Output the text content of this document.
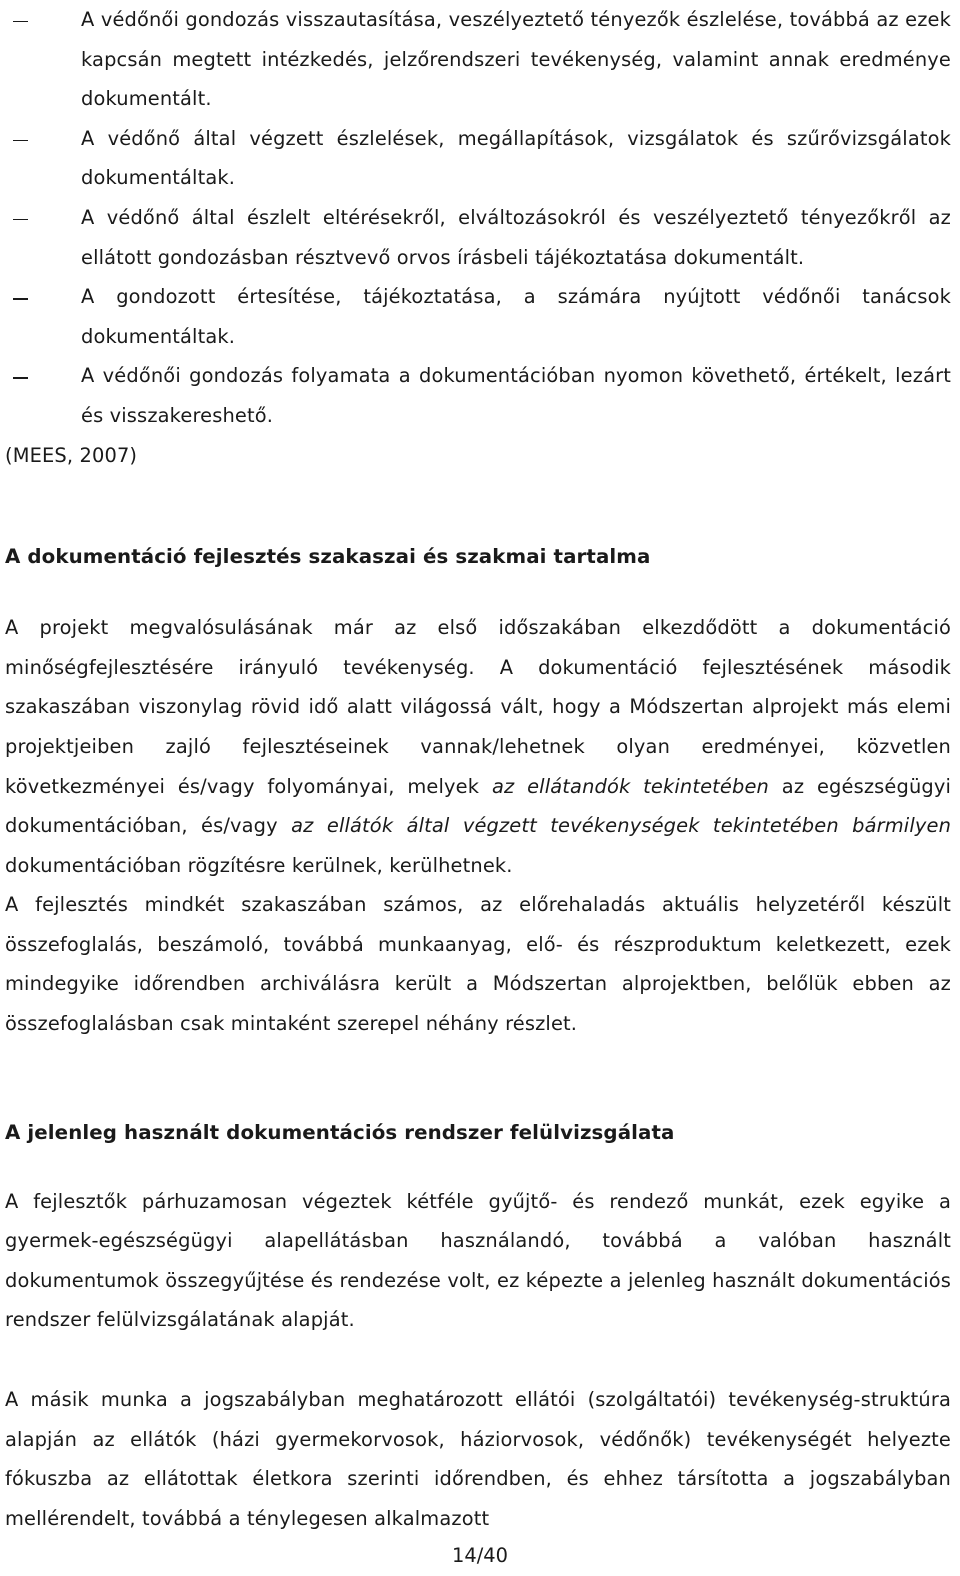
A védőnői gondozás visszautasítása, veszélyeztető tényezők észlelése, továbbá az ezek kapcsán megtett intézkedés, jelzőrendszeri tevékenység, valamint annak eredménye dokumentált.
A védőnő által végzett észlelések, megállapítások, vizsgálatok és szűrővizsgálatok dokumentáltak.
A védőnő által észlelt eltérésekről, elváltozásokról és veszélyeztető tényezőkről az ellátott gondozásban résztvevő orvos írásbeli tájékoztatása dokumentált.
A gondozott értesítése, tájékoztatása, a számára nyújtott védőnői tanácsok dokumentáltak.
A védőnői gondozás folyamata a dokumentációban nyomon követhető, értékelt, lezárt és visszakereshető.

(MEES, 2007)

A dokumentáció fejlesztés szakaszai és szakmai tartalma

A projekt megvalósulásának már az első időszakában elkezdődött a dokumentáció minőségfejlesztésére irányuló tevékenység. A dokumentáció fejlesztésének második szakaszában viszonylag rövid idő alatt világossá vált, hogy a Módszertan alprojekt más elemi projektjeiben zajló fejlesztéseinek vannak/lehetnek olyan eredményei, közvetlen következményei és/vagy folyományai, melyek az ellátandók tekintetében az egészségügyi dokumentációban, és/vagy az ellátók által végzett tevékenységek tekintetében bármilyen dokumentációban rögzítésre kerülnek, kerülhetnek.

A fejlesztés mindkét szakaszában számos, az előrehaladás aktuális helyzetéről készült összefoglalás, beszámoló, továbbá munkaanyag, elő- és részproduktum keletkezett, ezek mindegyike időrendben archiválásra került a Módszertan alprojektben, belőlük ebben az összefoglalásban csak mintaként szerepel néhány részlet.

A jelenleg használt dokumentációs rendszer felülvizsgálata

A fejlesztők párhuzamosan végeztek kétféle gyűjtő- és rendező munkát, ezek egyike a gyermek-egészségügyi alapellátásban használandó, továbbá a valóban használt dokumentumok összegyűjtése és rendezése volt, ez képezte a jelenleg használt dokumentációs rendszer felülvizsgálatának alapját.

A másik munka a jogszabályban meghatározott ellátói (szolgáltatói) tevékenység-struktúra alapján az ellátók (házi gyermekorvosok, háziorvosok, védőnők) tevékenységét helyezte fókuszba az ellátottak életkora szerinti időrendben, és ehhez társította a jogszabályban mellérendelt, továbbá a ténylegesen alkalmazott

14/40
